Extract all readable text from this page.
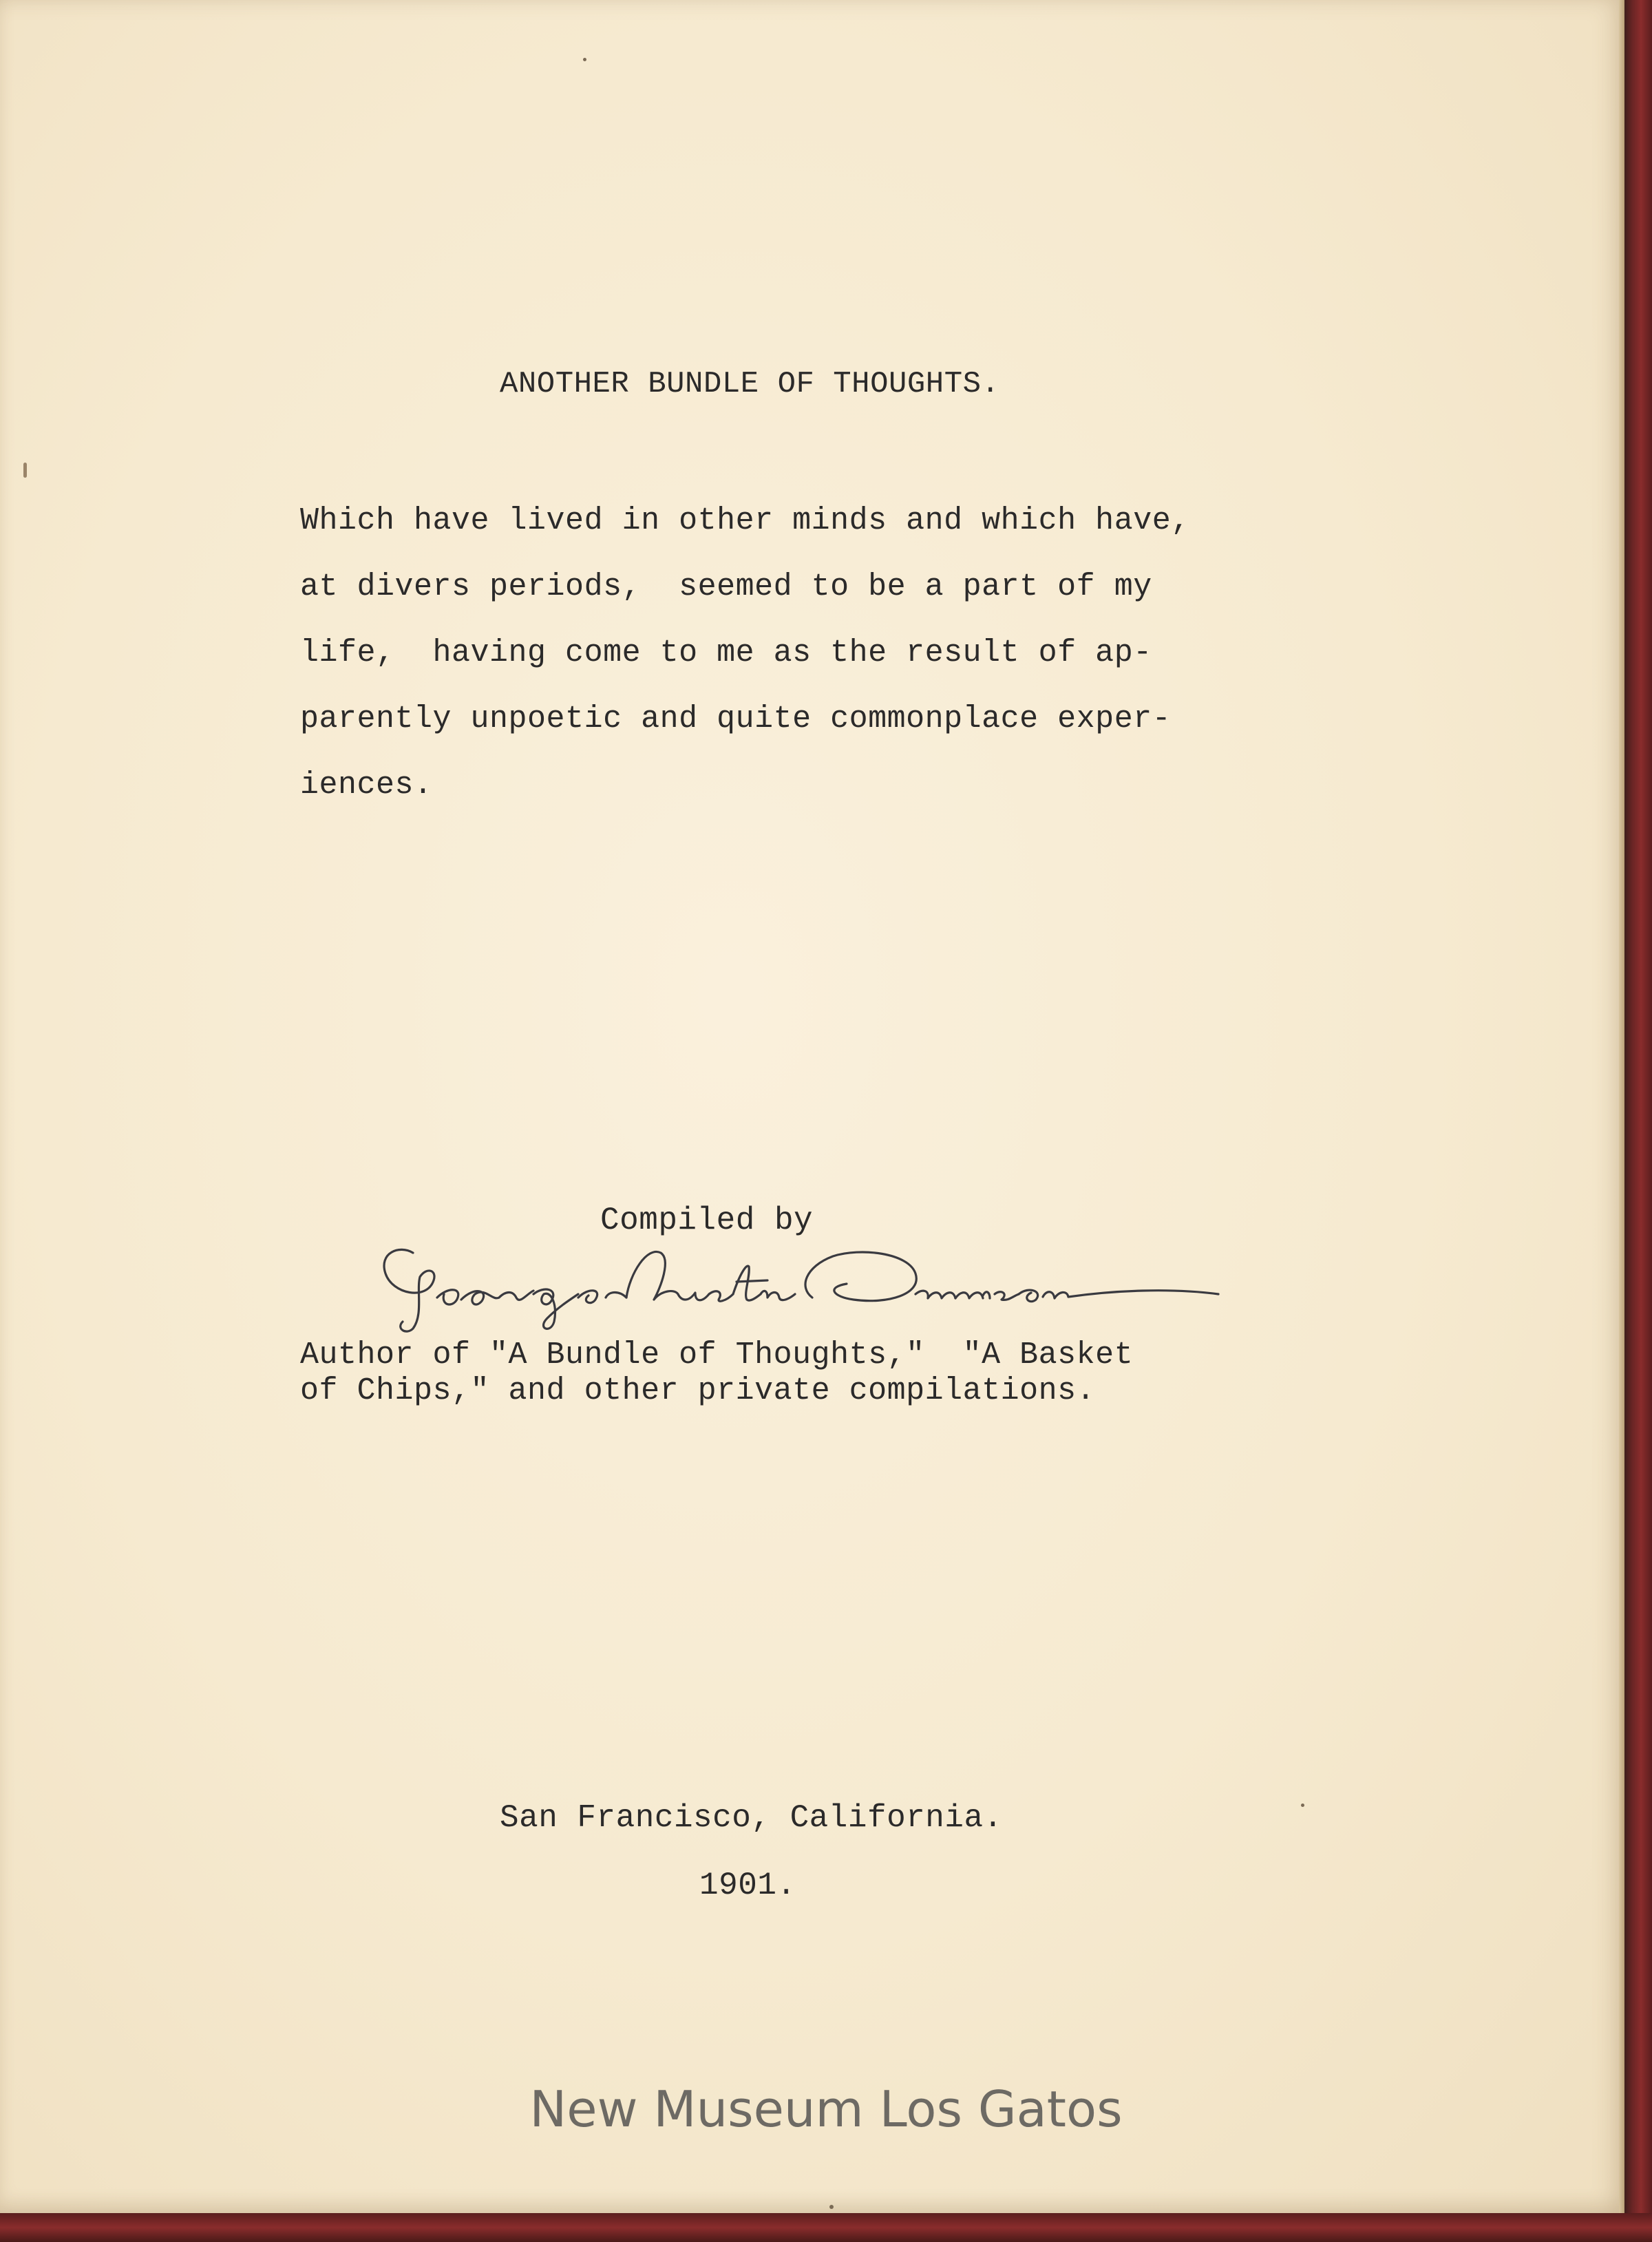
ANOTHER BUNDLE OF THOUGHTS.
Which have lived in other minds and which have,
at divers periods,  seemed to be a part of my
life,  having come to me as the result of ap-
parently unpoetic and quite commonplace exper-
iences.
Compiled by
Author of "A Bundle of Thoughts,"  "A Basket
of Chips," and other private compilations.
San Francisco, California.
1901.
New Museum Los Gatos
